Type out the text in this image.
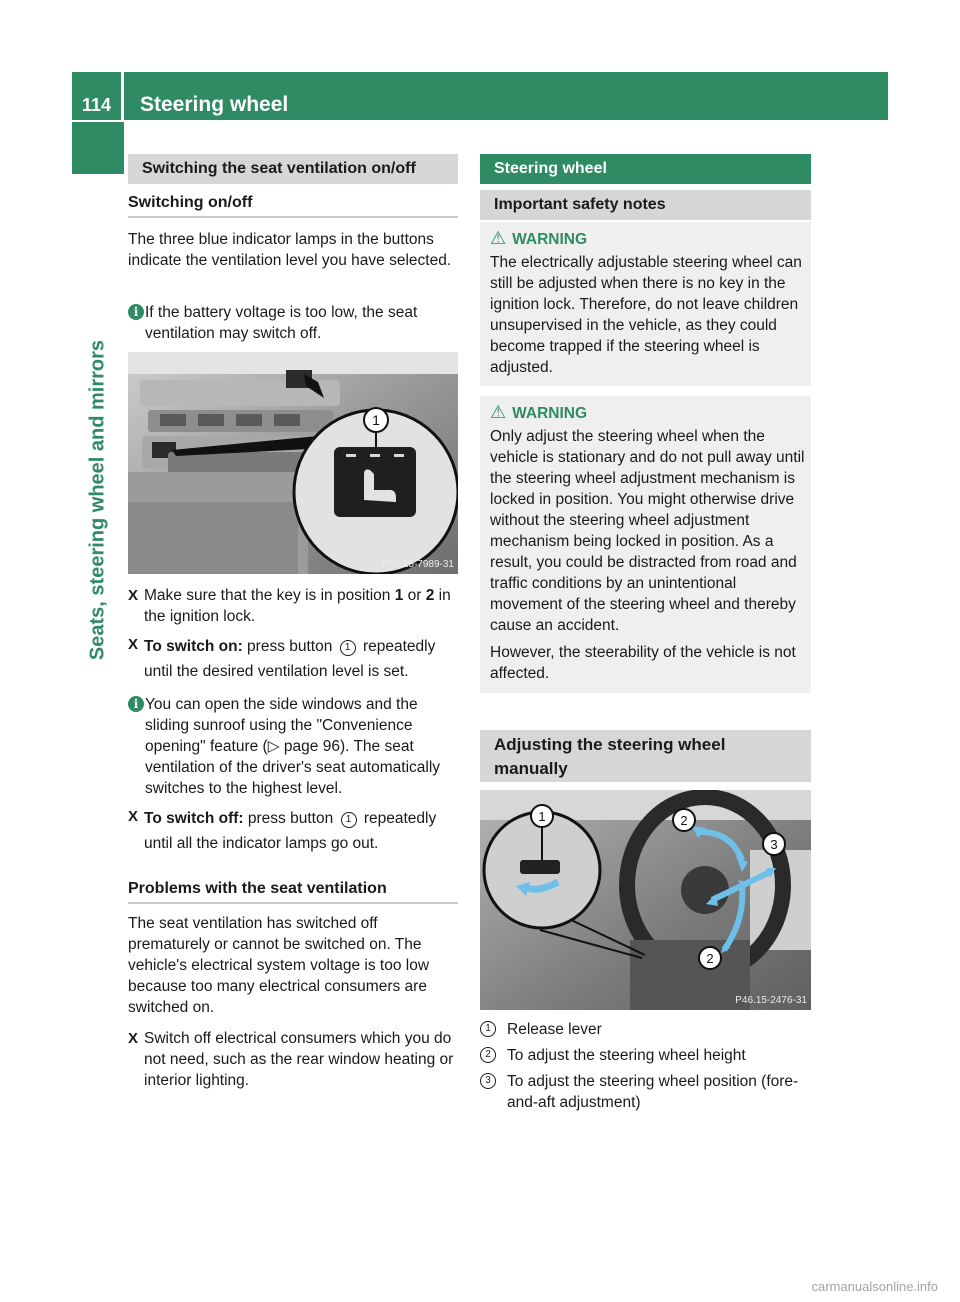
114	Steering wheel
Seats, steering wheel and mirrors
Switching the seat ventilation on/off
Switching on/off
The three blue indicator lamps in the buttons indicate the ventilation level you have selected.
i If the battery voltage is too low, the seat ventilation may switch off.
1
P54.25-7989-31
X Make sure that the key is in position 1 or 2 in the ignition lock.
X To switch on: press button 1 repeatedly until the desired ventilation level is set.
i You can open the side windows and the sliding sunroof using the "Convenience opening" feature (▷ page 96). The seat ventilation of the driver's seat automatically switches to the highest level.
X To switch off: press button 1 repeatedly until all the indicator lamps go out.
Problems with the seat ventilation
The seat ventilation has switched off prematurely or cannot be switched on. The vehicle's electrical system voltage is too low because too many electrical consumers are switched on.
X Switch off electrical consumers which you do not need, such as the rear window heating or interior lighting.
Steering wheel
Important safety notes
⚠ WARNING
The electrically adjustable steering wheel can still be adjusted when there is no key in the ignition lock. Therefore, do not leave children unsupervised in the vehicle, as they could become trapped if the steering wheel is adjusted.
⚠ WARNING
Only adjust the steering wheel when the vehicle is stationary and do not pull away until the steering wheel adjustment mechanism is locked in position. You might otherwise drive without the steering wheel adjustment mechanism being locked in position. As a result, you could be distracted from road and traffic conditions by an unintentional movement of the steering wheel and thereby cause an accident.
However, the steerability of the vehicle is not affected.
Adjusting the steering wheel manually
1	2
3
2
P46.15-2476-31
1	Release lever
2	To adjust the steering wheel height
3	To adjust the steering wheel position (fore-and-aft adjustment)
carmanualsonline.info
